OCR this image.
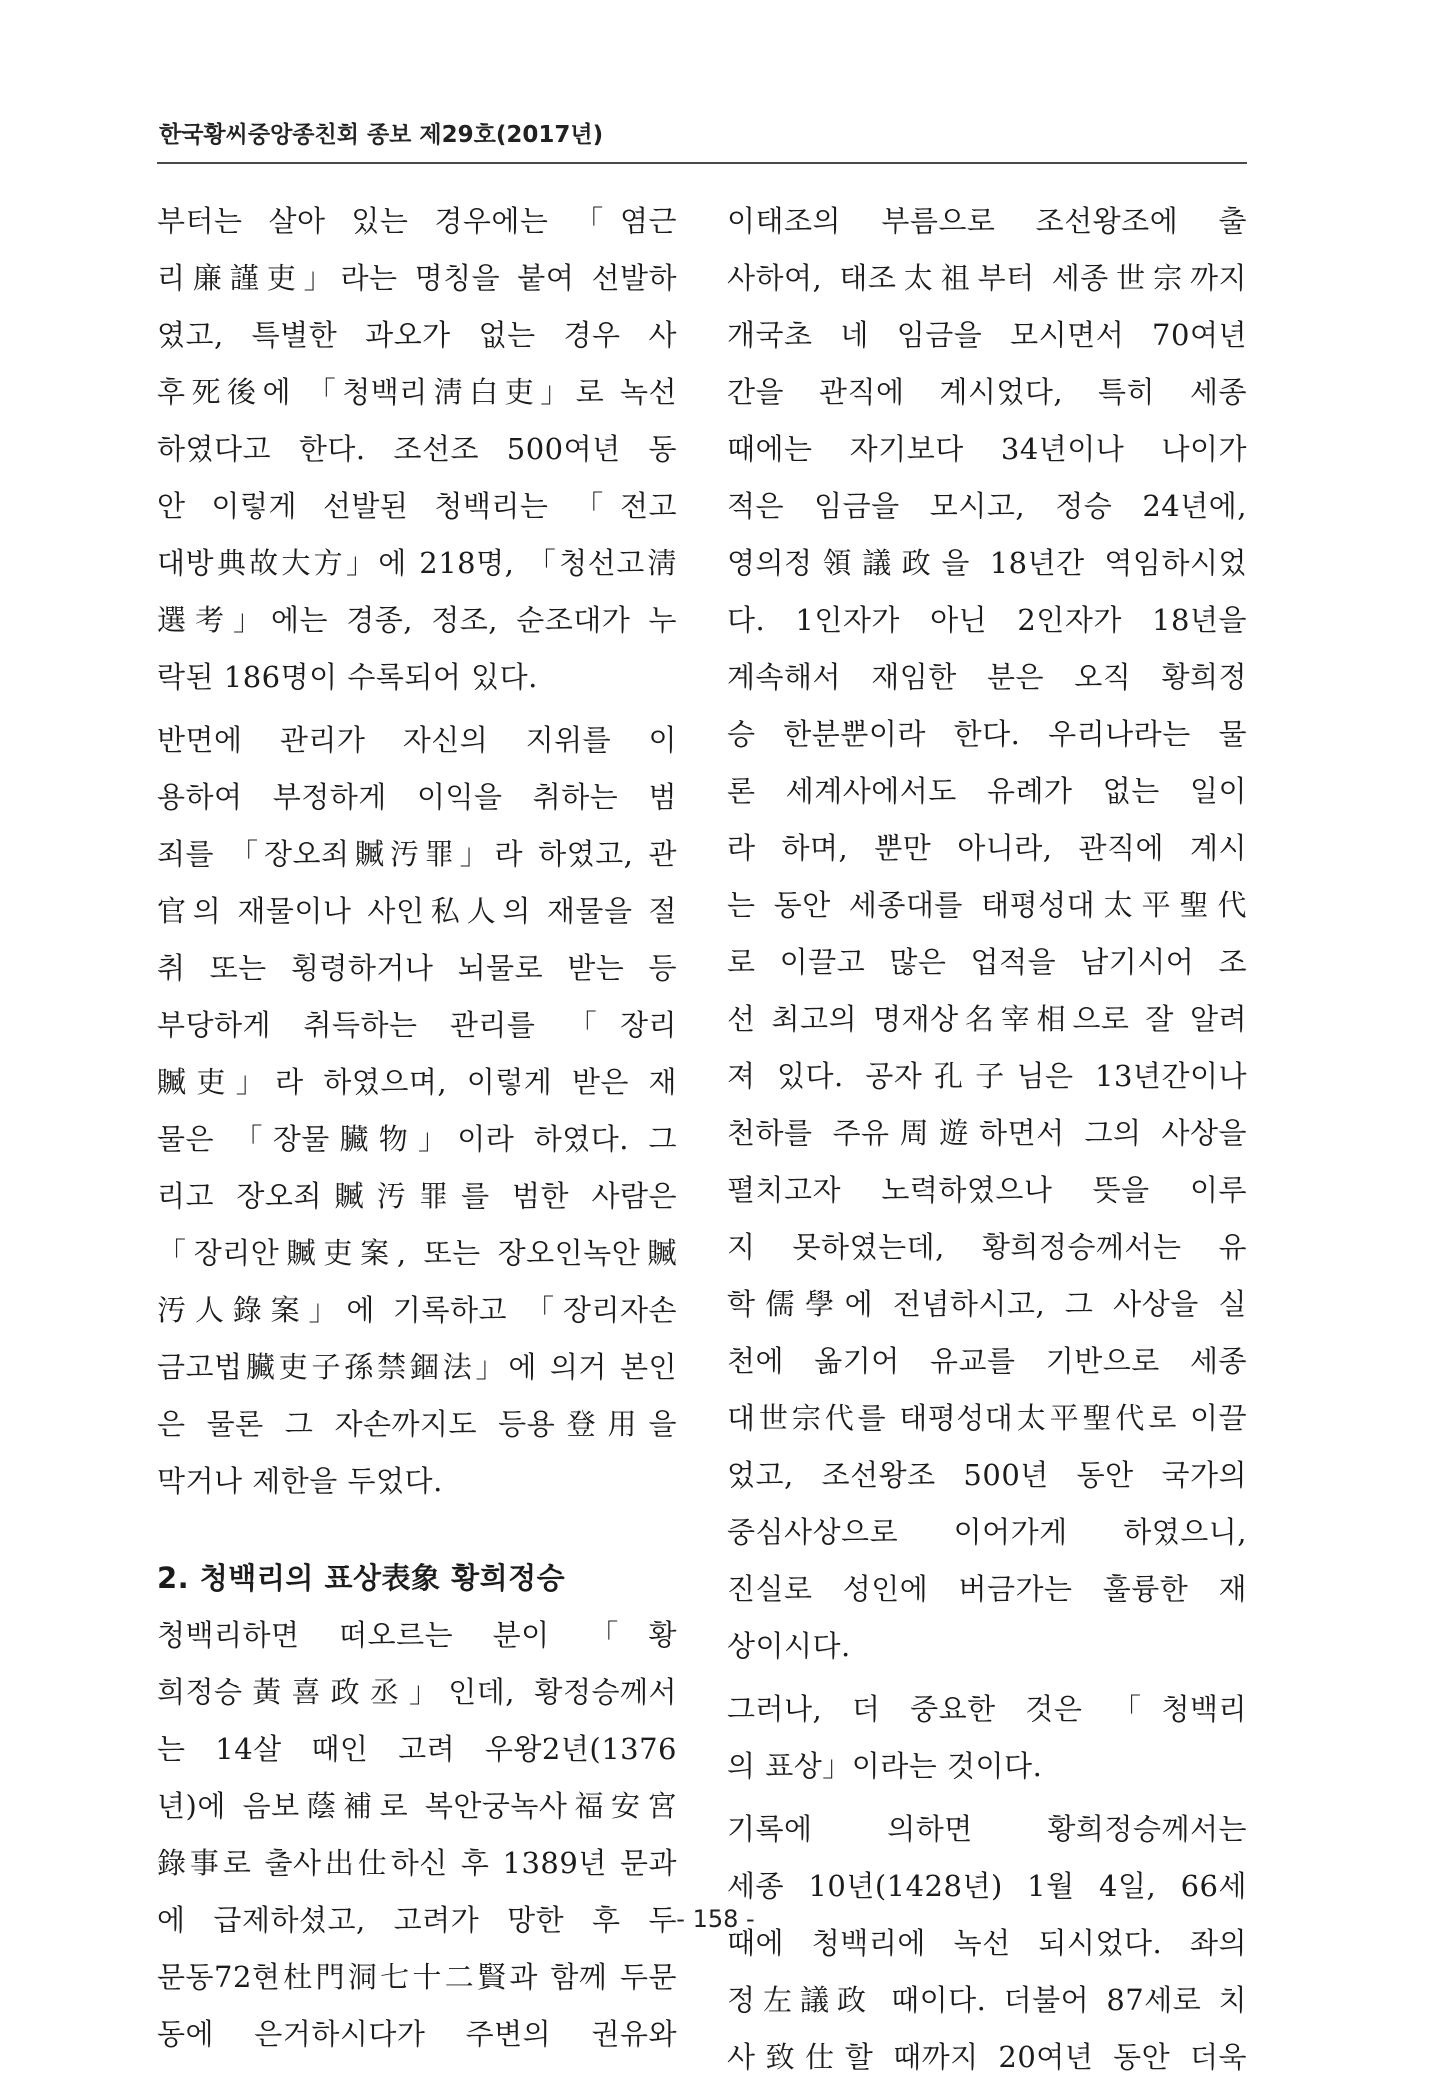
한국황씨중앙종친회 종보 제29호(2017년)
부터는 살아 있는 경우에는 「염근
리廉謹吏」라는 명칭을 붙여 선발하
였고, 특별한 과오가 없는 경우 사
후死後에 「청백리淸白吏」로 녹선
하였다고 한다. 조선조 500여년 동
안 이렇게 선발된 청백리는 「전고
대방典故大方」에 218명, 「청선고淸
選考」에는 경종, 정조, 순조대가 누
락된 186명이 수록되어 있다.
반면에 관리가 자신의 지위를 이
용하여 부정하게 이익을 취하는 범
죄를 「장오죄贓汚罪」라 하였고, 관
官의 재물이나 사인私人의 재물을 절
취 또는 횡령하거나 뇌물로 받는 등
부당하게 취득하는 관리를 「장리
贓吏」라 하였으며, 이렇게 받은 재
물은 「장물臟物」이라 하였다. 그
리고 장오죄贓汚罪를 범한 사람은
「장리안贓吏案, 또는 장오인녹안贓
汚人錄案」에 기록하고 「장리자손
금고법臟吏子孫禁錮法」에 의거 본인
은 물론 그 자손까지도 등용登用을
막거나 제한을 두었다.
2. 청백리의 표상表象 황희정승
청백리하면 떠오르는 분이 「황
희정승黃喜政丞」인데, 황정승께서
는 14살 때인 고려 우왕2년(1376
년)에 음보蔭補로 복안궁녹사福安宮
錄事로 출사出仕하신 후 1389년 문과
에 급제하셨고, 고려가 망한 후 두
문동72현杜門洞七十二賢과 함께 두문
동에 은거하시다가 주변의 권유와
이태조의 부름으로 조선왕조에 출
사하여, 태조太祖부터 세종世宗까지
개국초 네 임금을 모시면서 70여년
간을 관직에 계시었다, 특히 세종
때에는 자기보다 34년이나 나이가
적은 임금을 모시고, 정승 24년에,
영의정領議政을 18년간 역임하시었
다. 1인자가 아닌 2인자가 18년을
계속해서 재임한 분은 오직 황희정
승 한분뿐이라 한다. 우리나라는 물
론 세계사에서도 유례가 없는 일이
라 하며, 뿐만 아니라, 관직에 계시
는 동안 세종대를 태평성대太平聖代
로 이끌고 많은 업적을 남기시어 조
선 최고의 명재상名宰相으로 잘 알려
져 있다. 공자孔子님은 13년간이나
천하를 주유周遊하면서 그의 사상을
펼치고자 노력하였으나 뜻을 이루
지 못하였는데, 황희정승께서는 유
학儒學에 전념하시고, 그 사상을 실
천에 옮기어 유교를 기반으로 세종
대世宗代를 태평성대太平聖代로 이끌
었고, 조선왕조 500년 동안 국가의
중심사상으로 이어가게 하였으니,
진실로 성인에 버금가는 훌륭한 재
상이시다.
그러나, 더 중요한 것은 「청백리
의 표상」이라는 것이다.
기록에 의하면 황희정승께서는
세종 10년(1428년) 1월 4일, 66세
때에 청백리에 녹선 되시었다. 좌의
정左議政 때이다. 더불어 87세로 치
사致仕할 때까지 20여년 동안 더욱
- 158 -
